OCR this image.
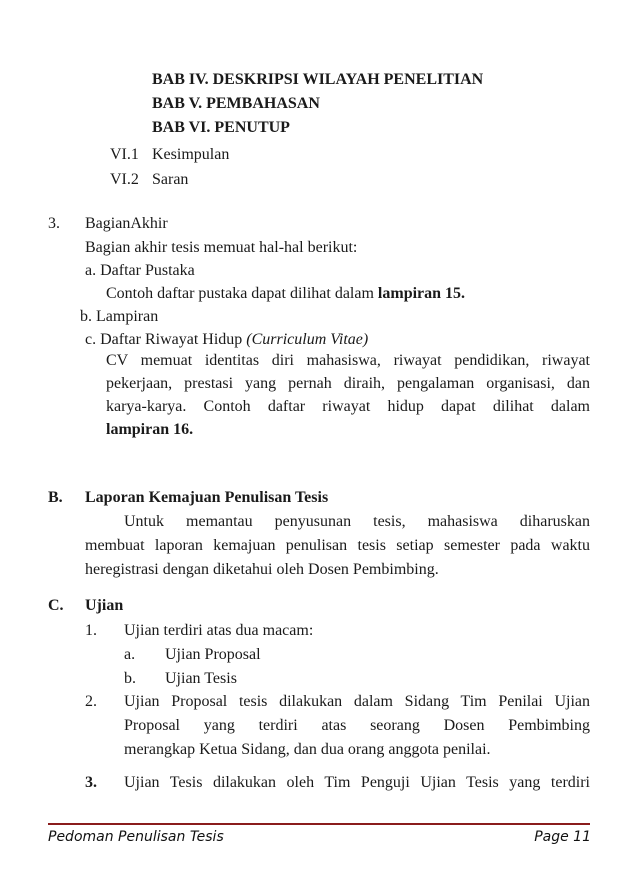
BAB IV. DESKRIPSI WILAYAH PENELITIAN
BAB V. PEMBAHASAN
BAB VI. PENUTUP
VI.1 Kesimpulan
VI.2 Saran
3. BagianAkhir
Bagian akhir tesis memuat hal-hal berikut:
a. Daftar Pustaka
Contoh daftar pustaka dapat dilihat dalam lampiran 15.
b. Lampiran
c. Daftar Riwayat Hidup (Curriculum Vitae)
CV memuat identitas diri mahasiswa, riwayat pendidikan, riwayat
pekerjaan, prestasi yang pernah diraih, pengalaman organisasi, dan
karya-karya. Contoh daftar riwayat hidup dapat dilihat dalam
lampiran 16.
B. Laporan Kemajuan Penulisan Tesis
Untuk memantau penyusunan tesis, mahasiswa diharuskan
membuat laporan kemajuan penulisan tesis setiap semester pada waktu
heregistrasi dengan diketahui oleh Dosen Pembimbing.
C. Ujian
1. Ujian terdiri atas dua macam:
a. Ujian Proposal
b. Ujian Tesis
2. Ujian Proposal tesis dilakukan dalam Sidang Tim Penilai Ujian
Proposal yang terdiri atas seorang Dosen Pembimbing
merangkap Ketua Sidang, dan dua orang anggota penilai.
3. Ujian Tesis dilakukan oleh Tim Penguji Ujian Tesis yang terdiri
Pedoman Penulisan Tesis	Page 11
